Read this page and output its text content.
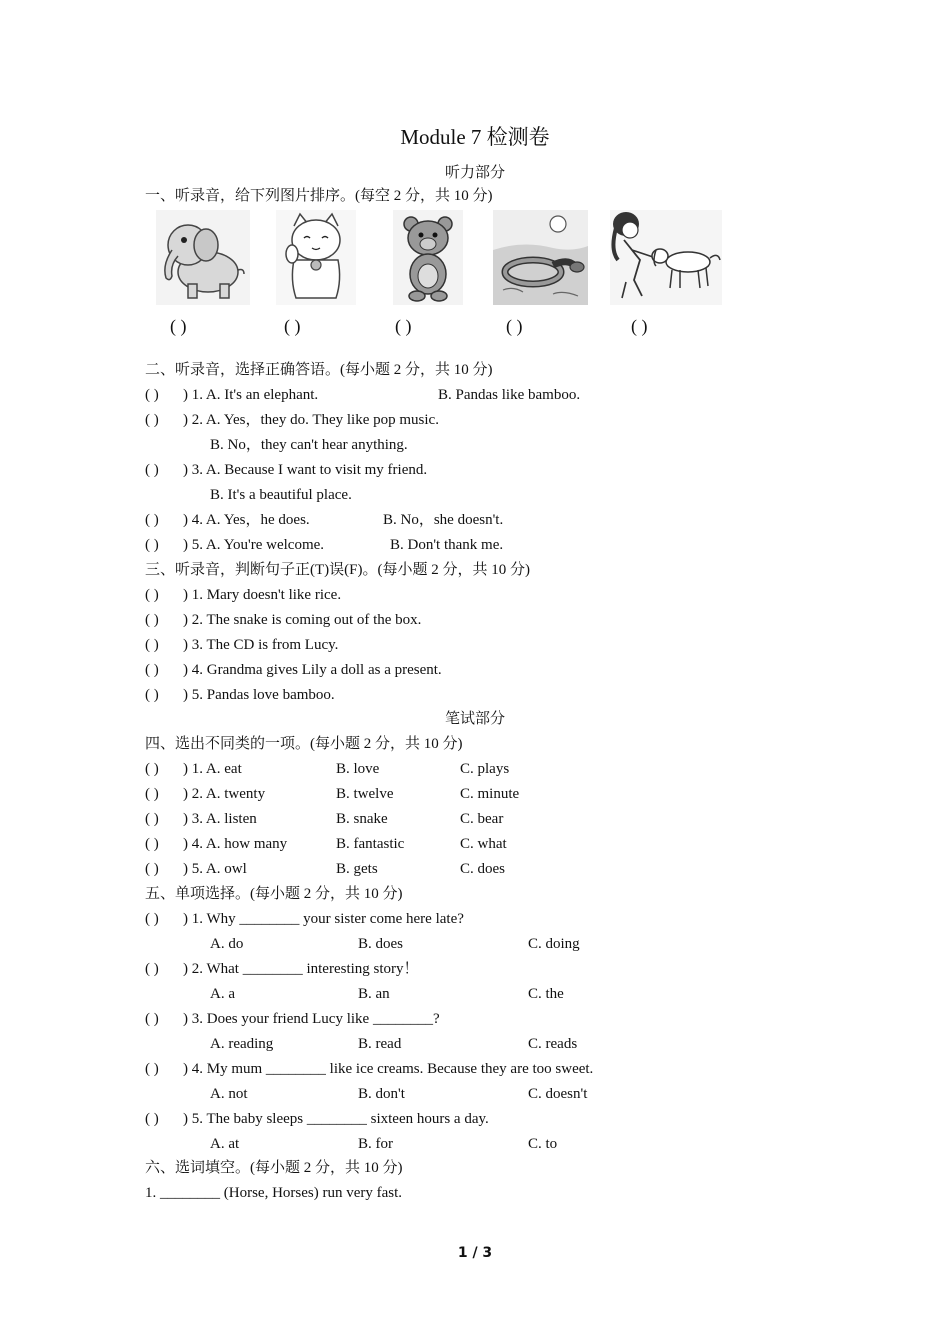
Module 7 检测卷
听力部分
一、听录音，给下列图片排序。(每空 2 分，共 10 分)
( )	( )	( )	( )	( )
二、听录音，选择正确答语。(每小题 2 分，共 10 分)
( ) ) 1. A. It's an elephant.	B. Pandas like bamboo.
( ) ) 2. A. Yes，they do. They like pop music.
B. No，they can't hear anything.
( ) ) 3. A. Because I want to visit my friend.
B. It's a beautiful place.
( ) ) 4. A. Yes，he does.	B. No，she doesn't.
( ) ) 5. A. You're welcome.	B. Don't thank me.
三、听录音，判断句子正(T)误(F)。(每小题 2 分，共 10 分)
( ) ) 1. Mary doesn't like rice.
( ) ) 2. The snake is coming out of the box.
( ) ) 3. The CD is from Lucy.
( ) ) 4. Grandma gives Lily a doll as a present.
( ) ) 5. Pandas love bamboo.
笔试部分
四、选出不同类的一项。(每小题 2 分，共 10 分)
( ) ) 1. A. eat	B. love	C. plays
( ) ) 2. A. twenty	B. twelve	C. minute
( ) ) 3. A. listen	B. snake	C. bear
( ) ) 4. A. how many	B. fantastic	C. what
( ) ) 5. A. owl	B. gets	C. does
五、单项选择。(每小题 2 分，共 10 分)
( ) ) 1. Why ________ your sister come here late?
A. do	B. does	C. doing
( ) ) 2. What ________ interesting story！
A. a	B. an	C. the
( ) ) 3. Does your friend Lucy like ________?
A. reading	B. read	C. reads
( ) ) 4. My mum ________ like ice creams. Because they are too sweet.
A. not	B. don't	C. doesn't
( ) ) 5. The baby sleeps ________ sixteen hours a day.
A. at	B. for	C. to
六、选词填空。(每小题 2 分，共 10 分)
1. ________ (Horse, Horses) run very fast.
1 / 3
